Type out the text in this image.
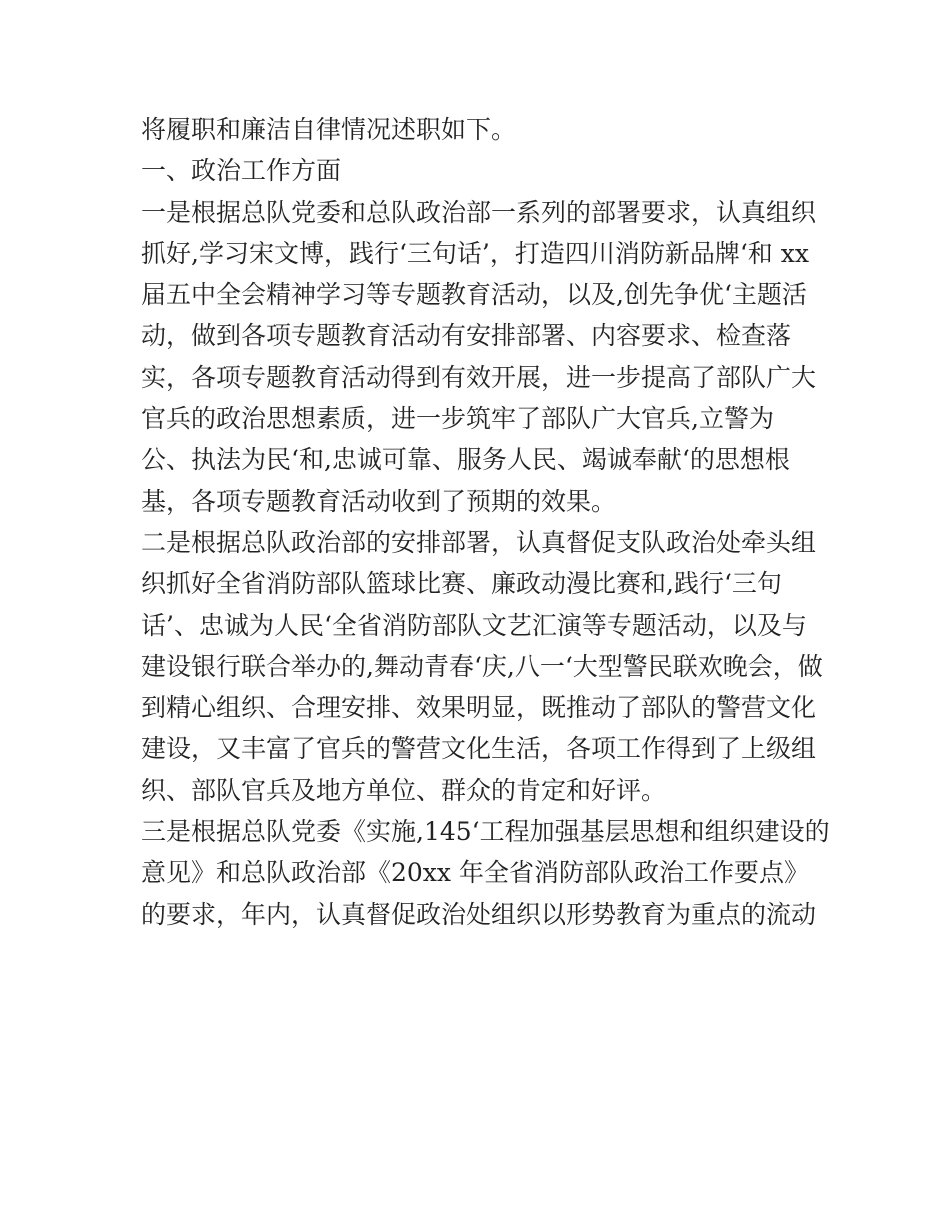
将履职和廉洁自律情况述职如下。
一、政治工作方面
一是根据总队党委和总队政治部一系列的部署要求，认真组织
抓好,学习宋文博，践行‘三句话’，打造四川消防新品牌‘和 xx
届五中全会精神学习等专题教育活动，以及,创先争优‘主题活
动，做到各项专题教育活动有安排部署、内容要求、检查落
实，各项专题教育活动得到有效开展，进一步提高了部队广大
官兵的政治思想素质，进一步筑牢了部队广大官兵,立警为
公、执法为民‘和,忠诚可靠、服务人民、竭诚奉献‘的思想根
基，各项专题教育活动收到了预期的效果。
二是根据总队政治部的安排部署，认真督促支队政治处牵头组
织抓好全省消防部队篮球比赛、廉政动漫比赛和,践行‘三句
话’、忠诚为人民‘全省消防部队文艺汇演等专题活动，以及与
建设银行联合举办的,舞动青春‘庆,八一‘大型警民联欢晚会，做
到精心组织、合理安排、效果明显，既推动了部队的警营文化
建设，又丰富了官兵的警营文化生活，各项工作得到了上级组
织、部队官兵及地方单位、群众的肯定和好评。
三是根据总队党委《实施,145‘工程加强基层思想和组织建设的
意见》和总队政治部《20xx 年全省消防部队政治工作要点》
的要求，年内，认真督促政治处组织以形势教育为重点的流动
